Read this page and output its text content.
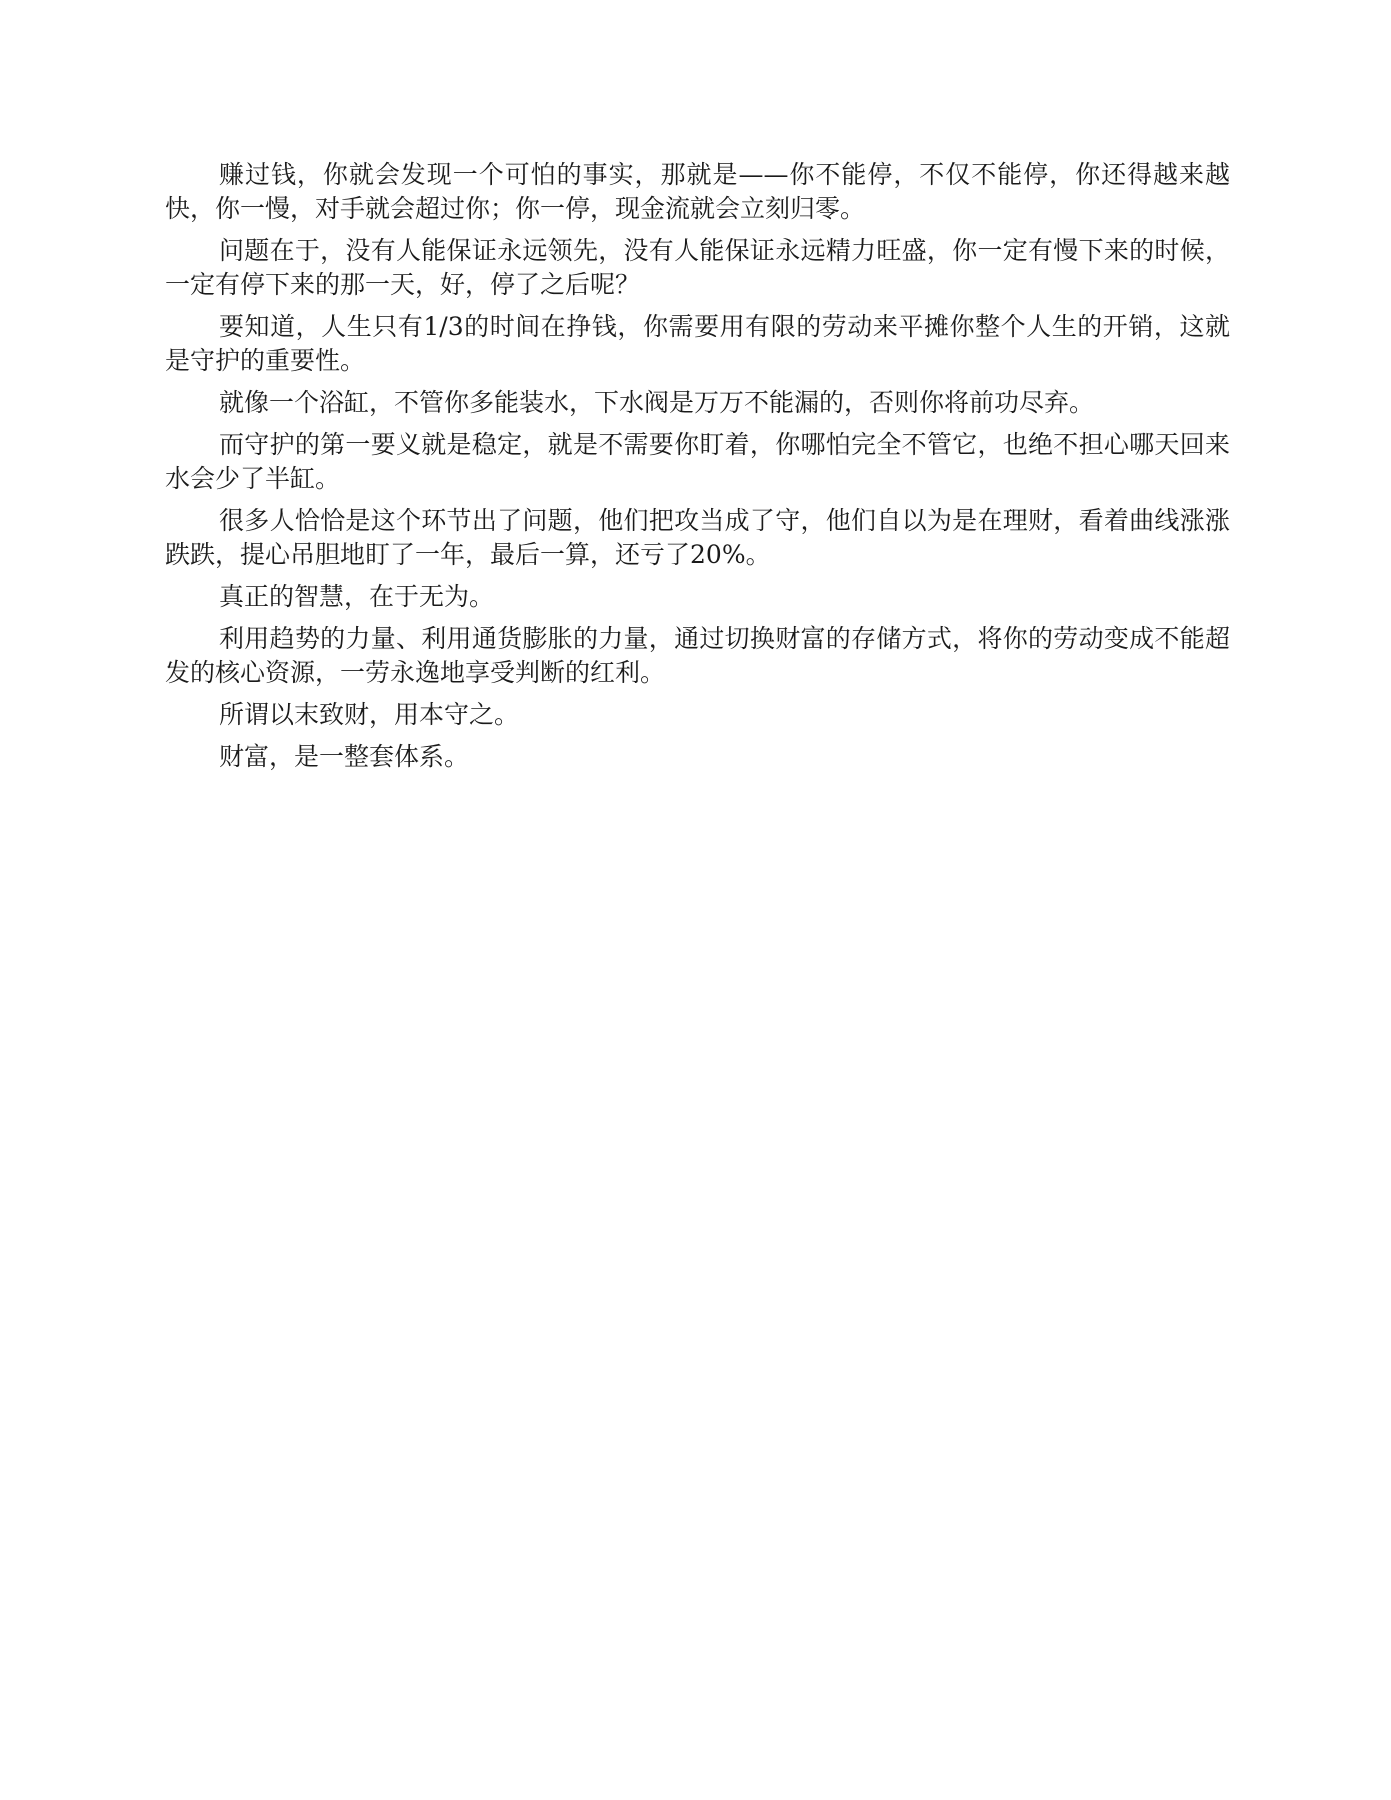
赚过钱，你就会发现一个可怕的事实，那就是——你不能停，不仅不能停，你还得越来越快，你一慢，对手就会超过你；你一停，现金流就会立刻归零。

问题在于，没有人能保证永远领先，没有人能保证永远精力旺盛，你一定有慢下来的时候，一定有停下来的那一天，好，停了之后呢？

要知道，人生只有1/3的时间在挣钱，你需要用有限的劳动来平摊你整个人生的开销，这就是守护的重要性。

就像一个浴缸，不管你多能装水，下水阀是万万不能漏的，否则你将前功尽弃。

而守护的第一要义就是稳定，就是不需要你盯着，你哪怕完全不管它，也绝不担心哪天回来水会少了半缸。

很多人恰恰是这个环节出了问题，他们把攻当成了守，他们自以为是在理财，看着曲线涨涨跌跌，提心吊胆地盯了一年，最后一算，还亏了20%。

真正的智慧，在于无为。

利用趋势的力量、利用通货膨胀的力量，通过切换财富的存储方式，将你的劳动变成不能超发的核心资源，一劳永逸地享受判断的红利。

所谓以末致财，用本守之。

财富，是一整套体系。
